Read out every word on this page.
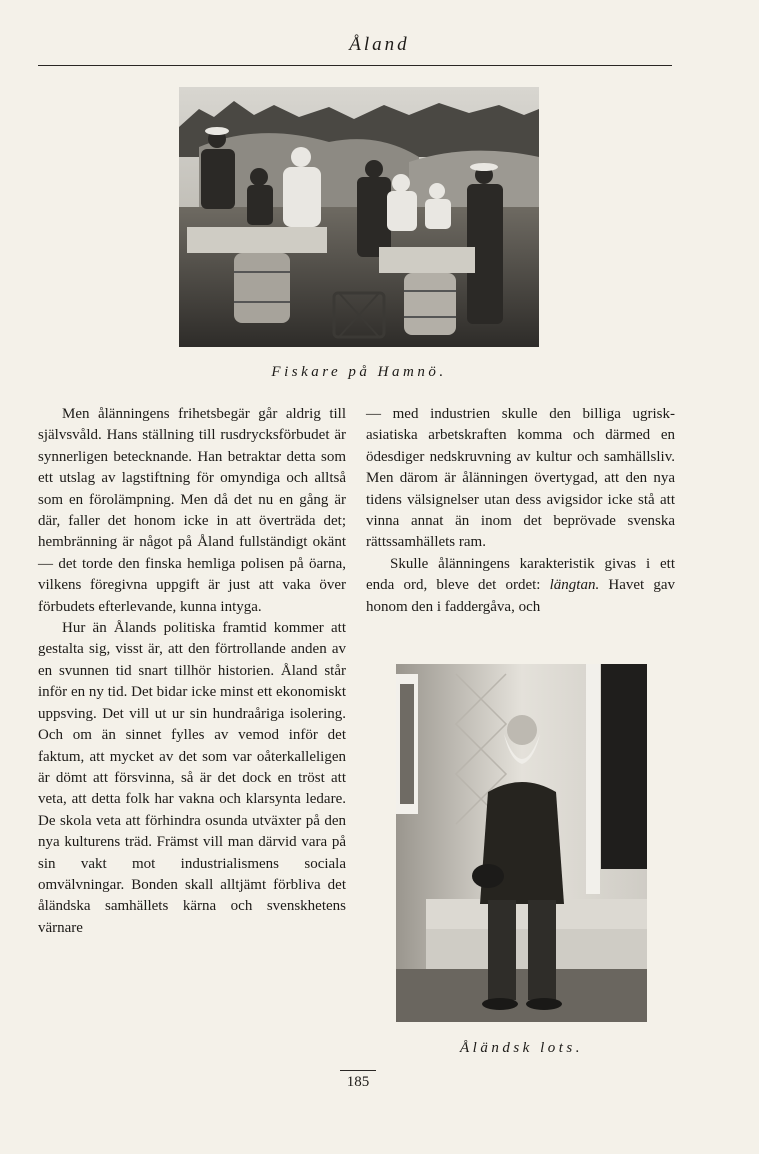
Åland
Fiskare på Hamnö.

Men ålänningens frihetsbegär går aldrig till självsvåld. Hans ställning till rusdrycksförbudet är synnerligen betecknande. Han betraktar detta som ett utslag av lagstiftning för omyndiga och alltså som en förolämpning. Men då det nu en gång är där, faller det honom icke in att överträda det; hembränning är något på Åland fullständigt okänt — det torde den finska hemliga polisen på öarna, vilkens föregivna uppgift är just att vaka över förbudets efterlevande, kunna intyga.

Hur än Ålands politiska framtid kommer att gestalta sig, visst är, att den förtrollande anden av en svunnen tid snart tillhör historien. Åland står inför en ny tid. Det bidar icke minst ett ekonomiskt uppsving. Det vill ut ur sin hundraåriga isolering. Och om än sinnet fylles av vemod inför det faktum, att mycket av det som var oåterkalleligen är dömt att försvinna, så är det dock en tröst att veta, att detta folk har vakna och klarsynta ledare. De skola veta att förhindra osunda utväxter på den nya kulturens träd. Främst vill man därvid vara på sin vakt mot industrialismens sociala omvälvningar. Bonden skall alltjämt förbliva det åländska samhällets kärna och svenskhetens värnare

— med industrien skulle den billiga ugrisk-asiatiska arbetskraften komma och därmed en ödesdiger nedskruvning av kultur och samhällsliv. Men därom är ålänningen övertygad, att den nya tidens välsignelser utan dess avigsidor icke stå att vinna annat än inom det beprövade svenska rättssamhällets ram.

Skulle ålänningens karakteristik givas i ett enda ord, bleve det ordet: längtan. Havet gav honom den i faddergåva, och

Åländsk lots.
185
